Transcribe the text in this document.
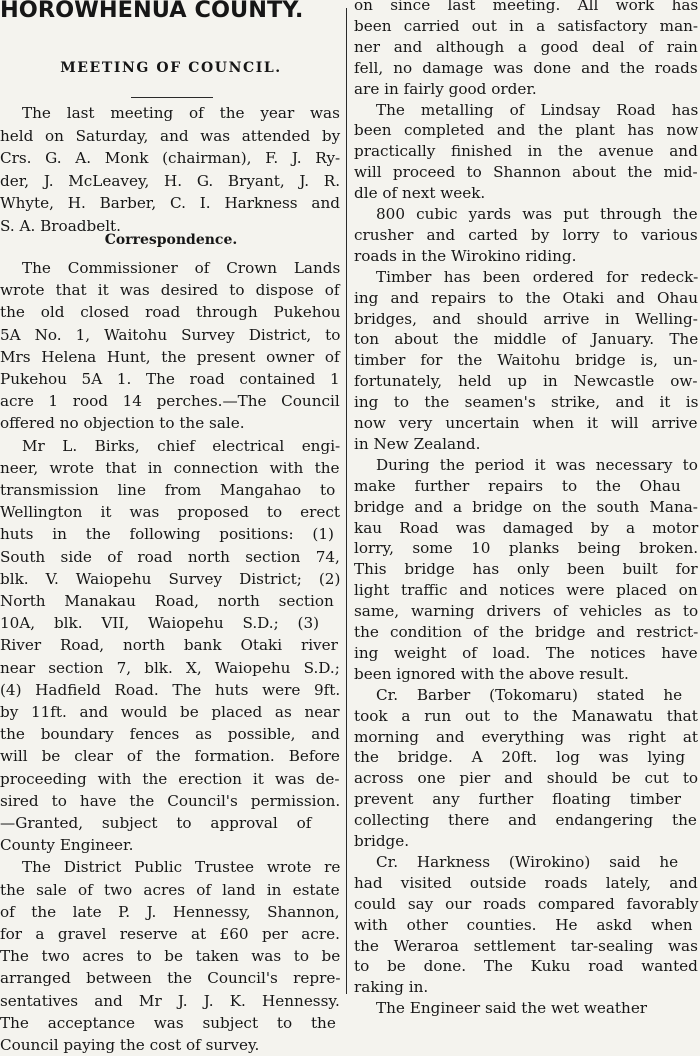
HOROWHENUA COUNTY.
MEETING OF COUNCIL.
Correspondence.
The last meeting of the year was
held on Saturday, and was attended by
Crs. G. A. Monk (chairman), F. J. Ry-
der, J. McLeavey, H. G. Bryant, J. R.
Whyte, H. Barber, C. I. Harkness and
S. A. Broadbelt.
The Commissioner of Crown Lands
wrote that it was desired to dispose of
the old closed road through Pukehou
5A No. 1, Waitohu Survey District, to
Mrs Helena Hunt, the present owner of
Pukehou 5A 1. The road contained 1
acre 1 rood 14 perches.—The Council
offered no objection to the sale.
Mr L. Birks, chief electrical engi-
neer, wrote that in connection with the
transmission line from Mangahao to
Wellington it was proposed to erect
huts in the following positions: (1)
South side of road north section 74,
blk. V. Waiopehu Survey District; (2)
North Manakau Road, north section
10A, blk. VII, Waiopehu S.D.; (3)
River Road, north bank Otaki river
near section 7, blk. X, Waiopehu S.D.;
(4) Hadfield Road. The huts were 9ft.
by 11ft. and would be placed as near
the boundary fences as possible, and
will be clear of the formation. Before
proceeding with the erection it was de-
sired to have the Council's permission.
—Granted, subject to approval of
County Engineer.
The District Public Trustee wrote re
the sale of two acres of land in estate
of the late P. J. Hennessy, Shannon,
for a gravel reserve at £60 per acre.
The two acres to be taken was to be
arranged between the Council's repre-
sentatives and Mr J. J. K. Hennessy.
The acceptance was subject to the
Council paying the cost of survey.
on since last meeting. All work has
been carried out in a satisfactory man-
ner and although a good deal of rain
fell, no damage was done and the roads
are in fairly good order.
The metalling of Lindsay Road has
been completed and the plant has now
practically finished in the avenue and
will proceed to Shannon about the mid-
dle of next week.
800 cubic yards was put through the
crusher and carted by lorry to various
roads in the Wirokino riding.
Timber has been ordered for redeck-
ing and repairs to the Otaki and Ohau
bridges, and should arrive in Welling-
ton about the middle of January. The
timber for the Waitohu bridge is, un-
fortunately, held up in Newcastle ow-
ing to the seamen's strike, and it is
now very uncertain when it will arrive
in New Zealand.
During the period it was necessary to
make further repairs to the Ohau
bridge and a bridge on the south Mana-
kau Road was damaged by a motor
lorry, some 10 planks being broken.
This bridge has only been built for
light traffic and notices were placed on
same, warning drivers of vehicles as to
the condition of the bridge and restrict-
ing weight of load. The notices have
been ignored with the above result.
Cr. Barber (Tokomaru) stated he
took a run out to the Manawatu that
morning and everything was right at
the bridge. A 20ft. log was lying
across one pier and should be cut to
prevent any further floating timber
collecting there and endangering the
bridge.
Cr. Harkness (Wirokino) said he
had visited outside roads lately, and
could say our roads compared favorably
with other counties. He askd when
the Weraroa settlement tar-sealing was
to be done. The Kuku road wanted
raking in.
The Engineer said the wet weather
